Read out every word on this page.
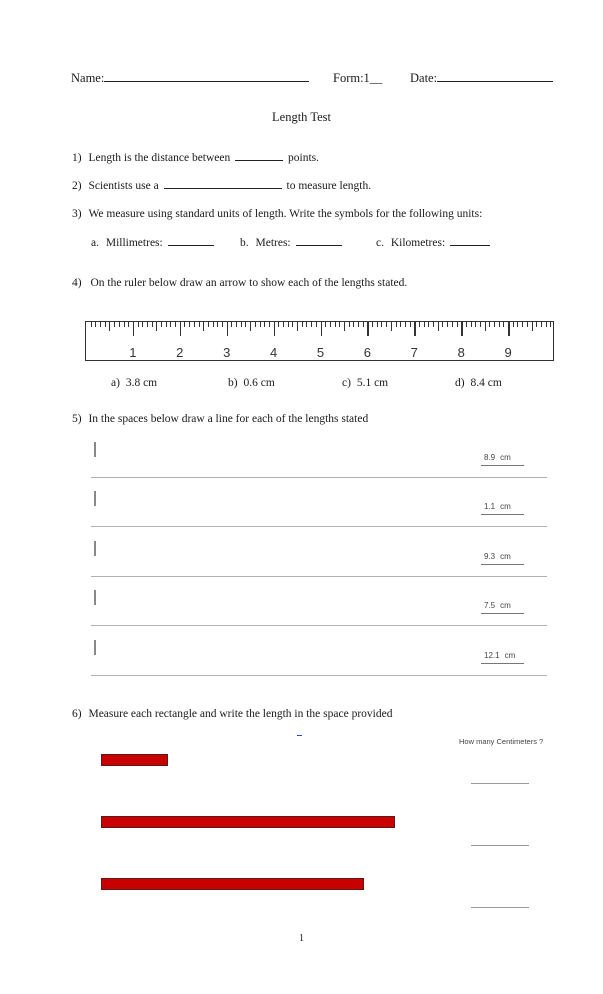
Name:	Form:1__ Date:
Length Test
1) Length is the distance between	points.
2) Scientists use a	to measure length.
3) We measure using standard units of length. Write the symbols for the following units:
a. Millimetres:	b. Metres:	c. Kilometres:
4) On the ruler below draw an arrow to show each of the lengths stated.
1	2	3	4	5	6	7	8	9
a) 3.8 cm	b) 0.6 cm	c) 5.1 cm	d) 8.4 cm
5) In the spaces below draw a line for each of the lengths stated
8.9 cm
1.1 cm
9.3 cm
7.5 cm
12.1 cm
6) Measure each rectangle and write the length in the space provided
How many Centimeters ?
1
